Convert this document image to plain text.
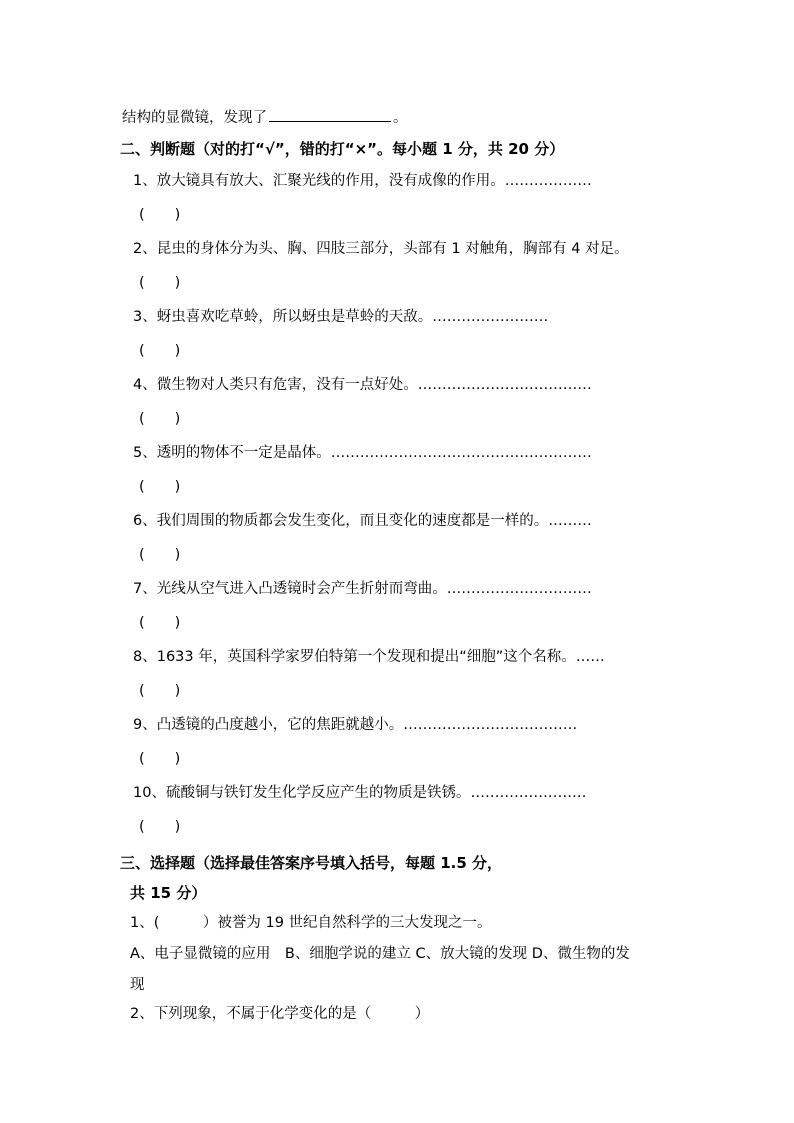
结构的显微镜，发现了	。
二、判断题（对的打“√”，错的打“×”。每小题 1 分，共 20 分）
1、放大镜具有放大、汇聚光线的作用，没有成像的作用。………………
( )
2、昆虫的身体分为头、胸、四肢三部分，头部有 1 对触角，胸部有 4 对足。
( )
3、蚜虫喜欢吃草蛉，所以蚜虫是草蛉的天敌。……………………
( )
4、微生物对人类只有危害，没有一点好处。………………………………
( )
5、透明的物体不一定是晶体。………………………………………………
( )
6、我们周围的物质都会发生变化，而且变化的速度都是一样的。………
( )
7、光线从空气进入凸透镜时会产生折射而弯曲。…………………………
( )
8、1633 年，英国科学家罗伯特第一个发现和提出“细胞”这个名称。……
( )
9、凸透镜的凸度越小，它的焦距就越小。………………………………
( )
10、硫酸铜与铁钉发生化学反应产生的物质是铁锈。……………………
( )
三、选择题（选择最佳答案序号填入括号，每题 1.5 分，
共 15 分）
1、(　　　）被誉为 19 世纪自然科学的三大发现之一。
A、电子显微镜的应用　B、细胞学说的建立 C、放大镜的发现 D、微生物的发
现
2、下列现象，不属于化学变化的是（　　　）
